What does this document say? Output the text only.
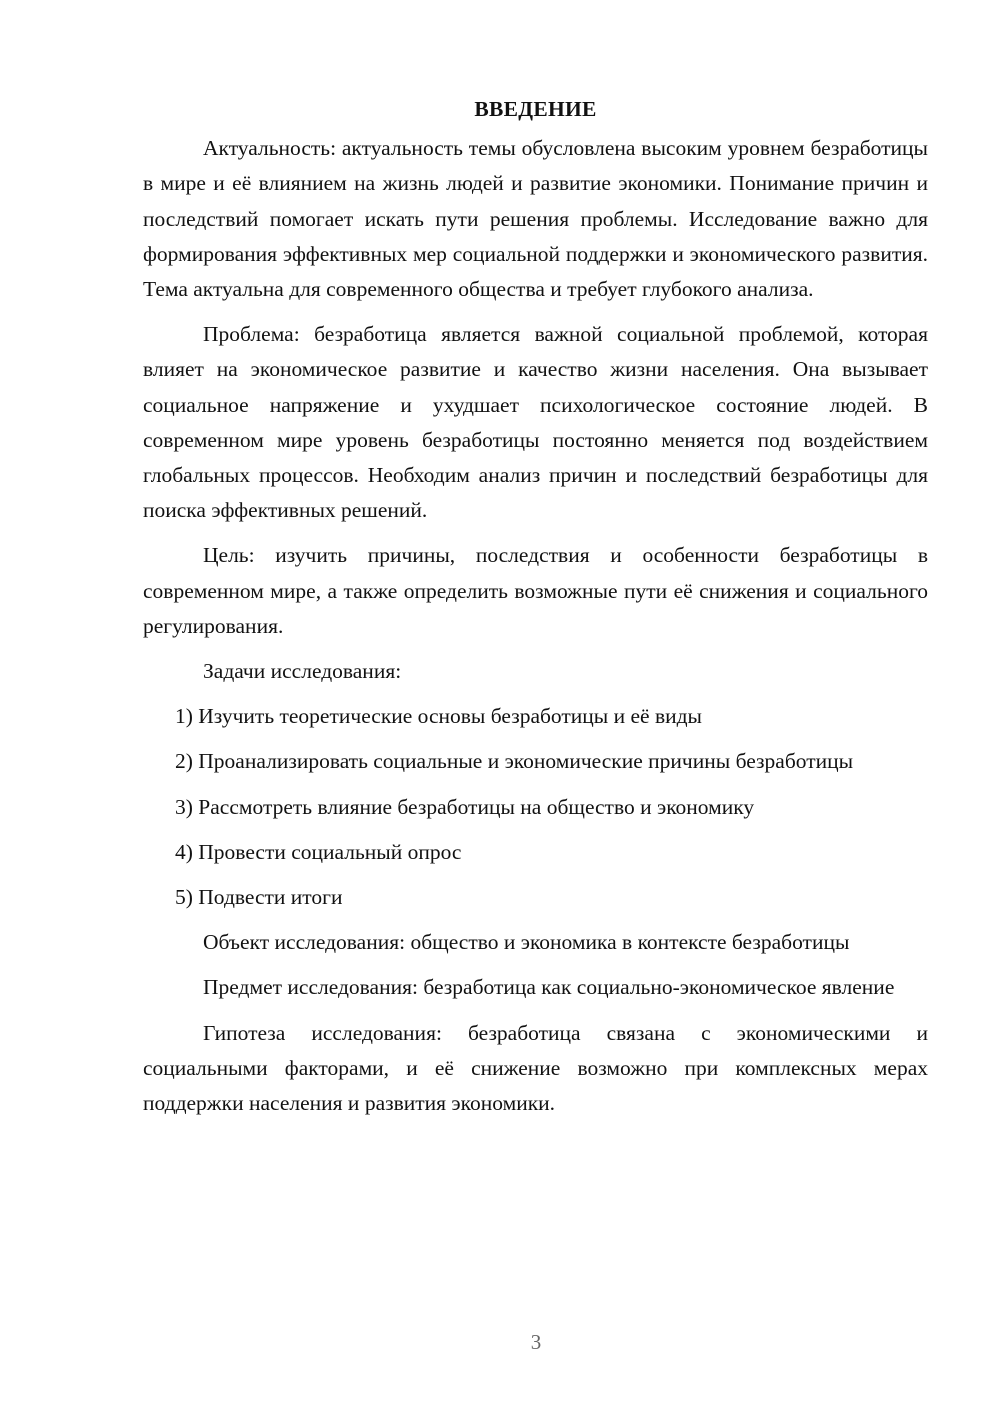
ВВЕДЕНИЕ

Актуальность: актуальность темы обусловлена высоким уровнем безработицы в мире и её влиянием на жизнь людей и развитие экономики. Понимание причин и последствий помогает искать пути решения проблемы. Исследование важно для формирования эффективных мер социальной поддержки и экономического развития. Тема актуальна для современного общества и требует глубокого анализа.

Проблема: безработица является важной социальной проблемой, которая влияет на экономическое развитие и качество жизни населения. Она вызывает социальное напряжение и ухудшает психологическое состояние людей. В современном мире уровень безработицы постоянно меняется под воздействием глобальных процессов. Необходим анализ причин и последствий безработицы для поиска эффективных решений.

Цель: изучить причины, последствия и особенности безработицы в современном мире, а также определить возможные пути её снижения и социального регулирования.

Задачи исследования:

1) Изучить теоретические основы безработицы и её виды

2) Проанализировать социальные и экономические причины безработицы

3) Рассмотреть влияние безработицы на общество и экономику

4) Провести социальный опрос

5) Подвести итоги

Объект исследования: общество и экономика в контексте безработицы

Предмет исследования: безработица как социально-экономическое явление

Гипотеза исследования: безработица связана с экономическими и социальными факторами, и её снижение возможно при комплексных мерах поддержки населения и развития экономики.

3
